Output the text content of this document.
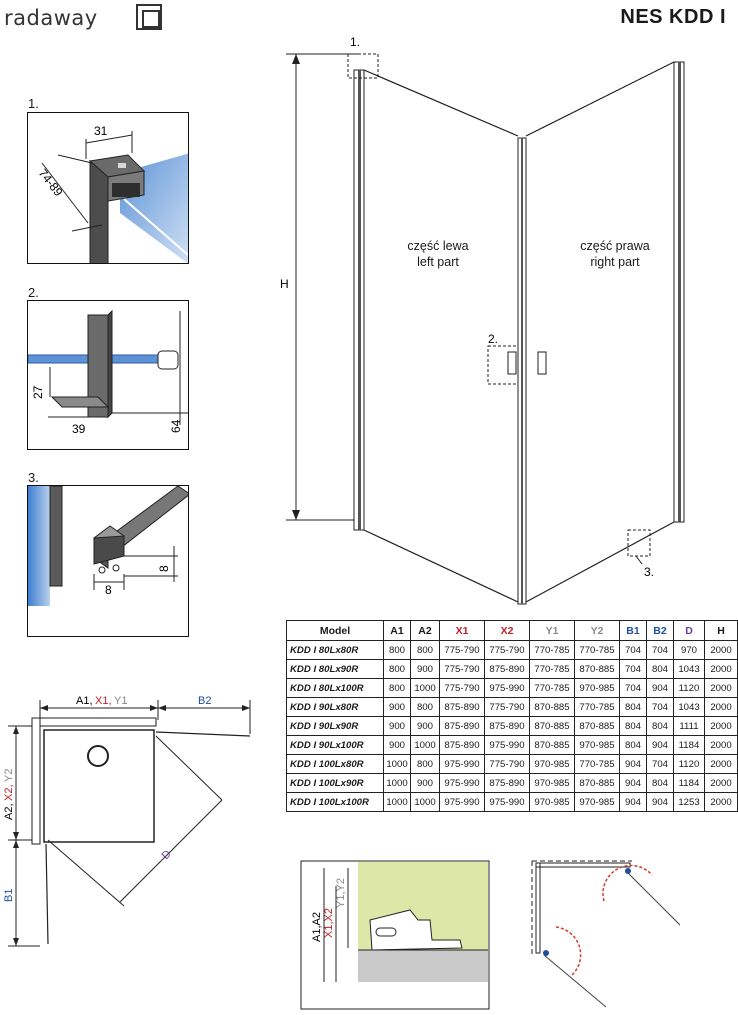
radaway	NES KDD I
1.
31
74-89
2.
27
39	64
3.
8
8
H
1.
2.
3.
część lewa
left part
część prawa
right part
Model	A1	A2	X1	X2	Y1	Y2	B1	B2	D	H
KDD I 80Lx80R	800	800	775-790	775-790	770-785	770-785	704	704	970	2000
KDD I 80Lx90R	800	900	775-790	875-890	770-785	870-885	704	804	1043	2000
KDD I 80Lx100R	800	1000	775-790	975-990	770-785	970-985	704	904	1120	2000
KDD I 90Lx80R	900	800	875-890	775-790	870-885	770-785	804	704	1043	2000
KDD I 90Lx90R	900	900	875-890	875-890	870-885	870-885	804	804	1111	2000
KDD I 90Lx100R	900	1000	875-890	975-990	870-885	970-985	804	904	1184	2000
KDD I 100Lx80R	1000	800	975-990	775-790	970-985	770-785	904	704	1120	2000
KDD I 100Lx90R	1000	900	975-990	875-890	970-985	870-885	904	804	1184	2000
KDD I 100Lx100R	1000	1000	975-990	975-990	970-985	970-985	904	904	1253	2000
A1, X1, Y1	B2
A2,
X2,
Y2
B1
D
A1,A2 X1,X2
Y1,Y2
